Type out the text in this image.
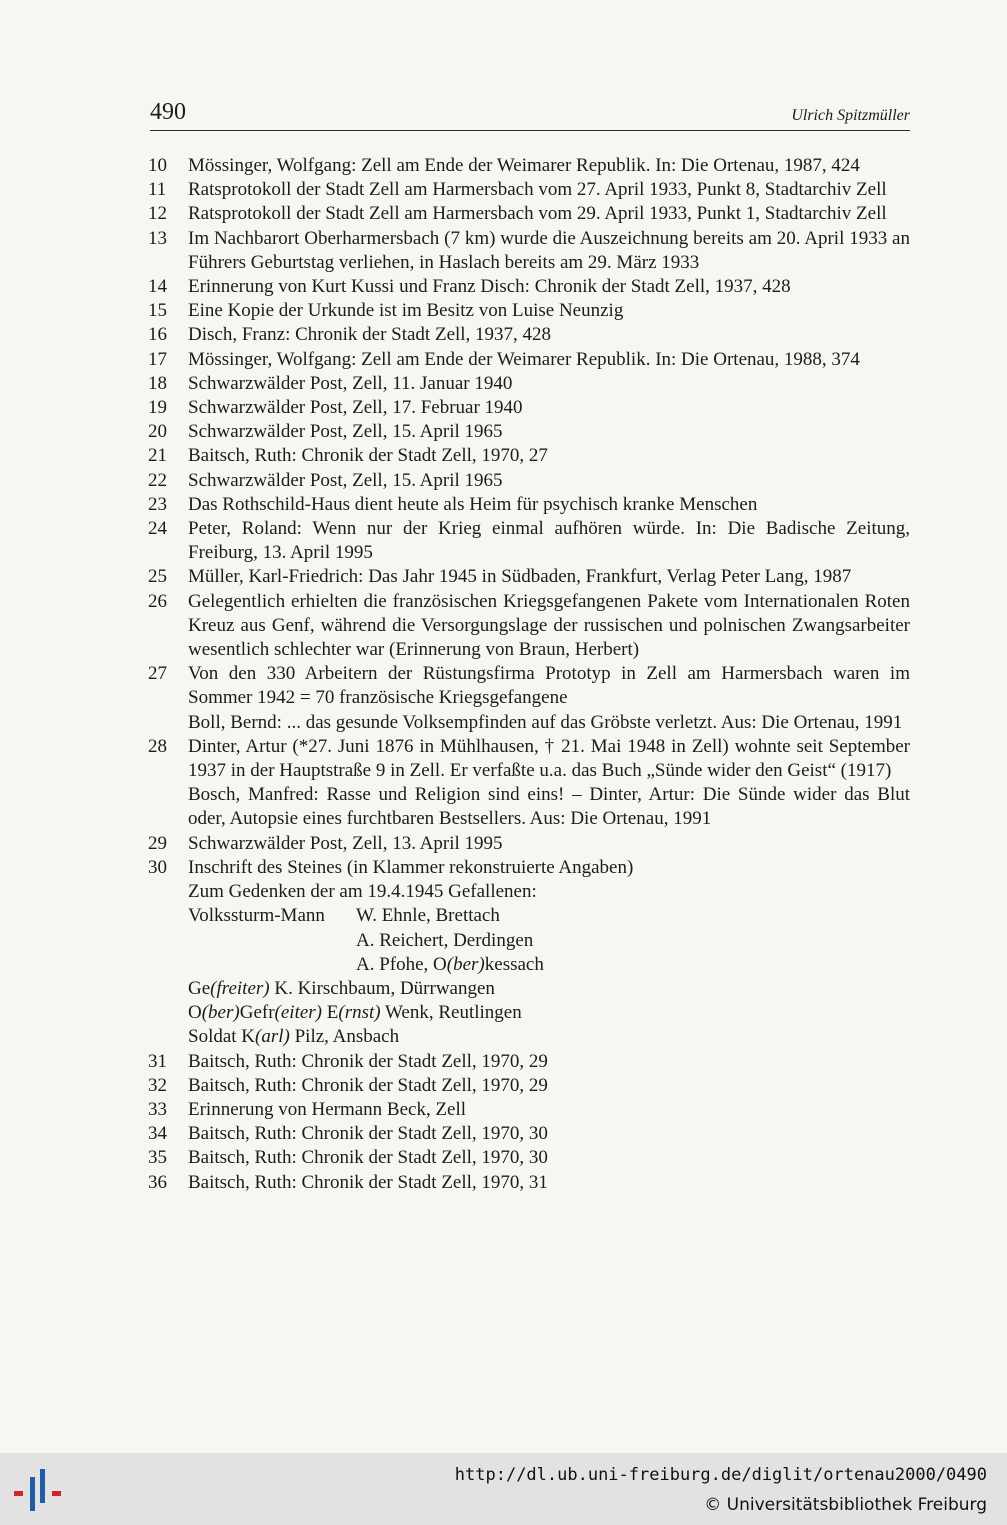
490	Ulrich Spitzmüller
10	Mössinger, Wolfgang: Zell am Ende der Weimarer Republik. In: Die Ortenau, 1987, 424
11	Ratsprotokoll der Stadt Zell am Harmersbach vom 27. April 1933, Punkt 8, Stadtarchiv Zell
12	Ratsprotokoll der Stadt Zell am Harmersbach vom 29. April 1933, Punkt 1, Stadtarchiv Zell
13	Im Nachbarort Oberharmersbach (7 km) wurde die Auszeichnung bereits am 20. April 1933 an Führers Geburtstag verliehen, in Haslach bereits am 29. März 1933
14	Erinnerung von Kurt Kussi und Franz Disch: Chronik der Stadt Zell, 1937, 428
15	Eine Kopie der Urkunde ist im Besitz von Luise Neunzig
16	Disch, Franz: Chronik der Stadt Zell, 1937, 428
17	Mössinger, Wolfgang: Zell am Ende der Weimarer Republik. In: Die Ortenau, 1988, 374
18	Schwarzwälder Post, Zell, 11. Januar 1940
19	Schwarzwälder Post, Zell, 17. Februar 1940
20	Schwarzwälder Post, Zell, 15. April 1965
21	Baitsch, Ruth: Chronik der Stadt Zell, 1970, 27
22	Schwarzwälder Post, Zell, 15. April 1965
23	Das Rothschild-Haus dient heute als Heim für psychisch kranke Menschen
24	Peter, Roland: Wenn nur der Krieg einmal aufhören würde. In: Die Badische Zeitung, Freiburg, 13. April 1995
25	Müller, Karl-Friedrich: Das Jahr 1945 in Südbaden, Frankfurt, Verlag Peter Lang, 1987
26	Gelegentlich erhielten die französischen Kriegsgefangenen Pakete vom Internationalen Roten Kreuz aus Genf, während die Versorgungslage der russischen und polnischen Zwangsarbeiter wesentlich schlechter war (Erinnerung von Braun, Herbert)
27	Von den 330 Arbeitern der Rüstungsfirma Prototyp in Zell am Harmersbach waren im Sommer 1942 = 70 französische Kriegsgefangene
Boll, Bernd: ... das gesunde Volksempfinden auf das Gröbste verletzt. Aus: Die Ortenau, 1991
28	Dinter, Artur (*27. Juni 1876 in Mühlhausen, † 21. Mai 1948 in Zell) wohnte seit September 1937 in der Hauptstraße 9 in Zell. Er verfaßte u.a. das Buch „Sünde wider den Geist“ (1917)
Bosch, Manfred: Rasse und Religion sind eins! – Dinter, Artur: Die Sünde wider das Blut oder, Autopsie eines furchtbaren Bestsellers. Aus: Die Ortenau, 1991
29	Schwarzwälder Post, Zell, 13. April 1995
30	Inschrift des Steines (in Klammer rekonstruierte Angaben)
Zum Gedenken der am 19.4.1945 Gefallenen:
Volkssturm-Mann	W. Ehnle, Brettach
A. Reichert, Derdingen
A. Pfohe, O(ber)kessach
Ge(freiter) K. Kirschbaum, Dürrwangen
O(ber)Gefr(eiter) E(rnst) Wenk, Reutlingen
Soldat K(arl) Pilz, Ansbach
31	Baitsch, Ruth: Chronik der Stadt Zell, 1970, 29
32	Baitsch, Ruth: Chronik der Stadt Zell, 1970, 29
33	Erinnerung von Hermann Beck, Zell
34	Baitsch, Ruth: Chronik der Stadt Zell, 1970, 30
35	Baitsch, Ruth: Chronik der Stadt Zell, 1970, 30
36	Baitsch, Ruth: Chronik der Stadt Zell, 1970, 31
http://dl.ub.uni-freiburg.de/diglit/ortenau2000/0490
© Universitätsbibliothek Freiburg
